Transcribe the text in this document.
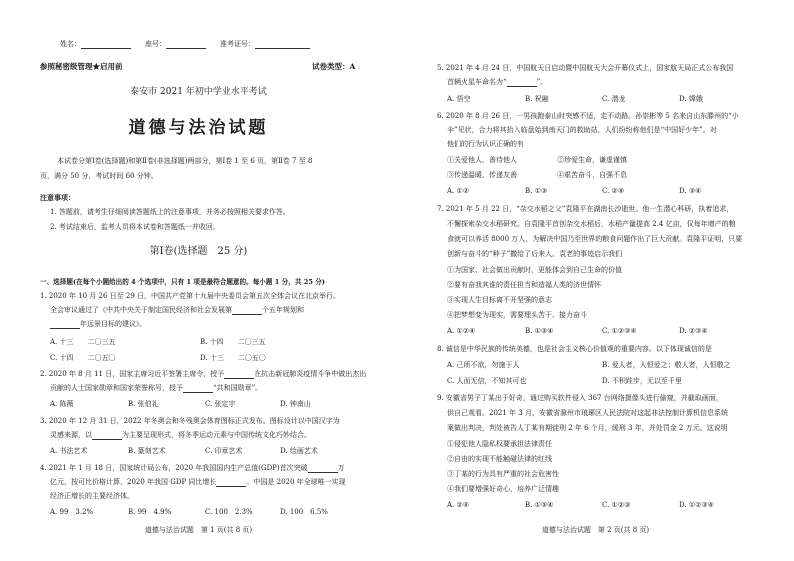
姓名：　　	座号：　　	准考证号：
参照秘密级管理★启用前	试卷类型：A
泰安市 2021 年初中学业水平考试
道德与法治试题
本试卷分第Ⅰ卷(选择题)和第Ⅱ卷(非选择题)两部分，第Ⅰ卷 1 至 6 页，第Ⅱ卷 7 至 8
页，满分 50 分，考试时间 60 分钟。
注意事项：
1. 答题前，请考生仔细阅读答题纸上的注意事项，并务必按照相关要求作答。
2. 考试结束后，监考人员将本试卷和答题纸一并收回。
第Ⅰ卷(选择题　25 分)
一、选择题(在每个小题给出的 4 个选项中，只有 1 项是最符合题意的。每小题 1 分，共 25 分)
1. 2020 年 10 月 26 日至 29 日，中国共产党第十九届中央委员会第五次全体会议在北京举行。
全会审议通过了《中共中央关于制定国民经济和社会发展第	个五年规划和
年远景目标的建议》。
A. 十三　　二〇三五	B. 十四　　二〇三五
C. 十四　　二〇五〇	D. 十三　　二〇五〇
2. 2020 年 8 月 11 日，国家主席习近平签署主席令，授予	在抗击新冠肺炎疫情斗争中做出杰出
贡献的人士国家勋章和国家荣誉称号，授予	“共和国勋章”。
A. 陈薇	B. 张伯礼	C. 张定宇	D. 钟南山
3. 2020 年 12 月 31 日，2022 年冬奥会和冬残奥会体育图标正式发布。图标设计以中国汉字为
灵感来源，以	为主要呈现形式，将冬季运动元素与中国传统文化巧妙结合。
A. 书法艺术	B. 篆刻艺术	C. 印章艺术	D. 绘画艺术
4. 2021 年 1 月 18 日，国家统计局公布，2020 年我国国内生产总值(GDP)首次突破	万
亿元，按可比价格计算，2020 年我国 GDP 同比增长	。中国是 2020 年全球唯一实现
经济正增长的主要经济体。
A. 99　3.2%	B. 99　4.9%	C. 100　2.3%	D. 100　6.5%
道德与法治试题　第 1 页(共 8 页)
5. 2021 年 4 月 24 日，中国航天日启动暨中国航天大会开幕仪式上，国家航天局正式公布我国
首辆火星车命名为“	”。
A. 悟空	B. 祝融	C. 潜龙	D. 嫦娥
6. 2020 年 8 月 26 日，一男孩跑泰山时突感不适，走不动路。孙崇彬等 5 名来自山东滕州的“小
伞”见状，合力将其抬入临盘始到南天门的救助站，人们纷纷称他们是“中国好少年”。对
他们的行为认识正确的有
①关爱他人，善待他人	②珍爱生命，谦虚谨慎
③传递温暖，传递友善	④艰苦奋斗，自强不息
A. ①②	B. ①③	C. ②④	D. ③④
7. 2021 年 5 月 22 日，“杂交水稻之父”袁隆平在湖南长沙逝世。他一生潜心科研，执着追求，
不懈探索杂交水稻研究。自袁隆平首创杂交水稻后，水稻产量提高 2.4 亿亩，仅每年增产的粮
食就可以养活 8000 万人，为解决中国乃至世界的粮食问题作出了巨大贡献。袁隆平证明，只要
创新与奋斗的“种子”撒给了后来人。袁老的事迹启示我们
①为国家、社会做出贡献时，更能体会到自己生命的价值
②要有奋我其谁的责任担当和造福人类的济世情怀
③实现人生目标离不开坚强的意志
④把梦想变为现实，需要埋头苦干、接力奋斗
A. ①②④	B. ①③④	C. ①②③④	D. ②③④
8. 诚信是中华民族的传统美德，也是社会主义核心价值观的重要内容。以下体现诚信的是
A. 己所不欲，勿施于人	B. 爱人者，人恒爱之；敬人者，人恒敬之
C. 人而无信，不知其可也	D. 不积跬步，无以至千里
9. 安徽省男子丁某出于好奇，通过购买软件侵入 367 台网络摄像头进行偷窥，并截取画面，
供自己观看。2021 年 3 月，安徽省滁州市琅琊区人民法院对这起非法控制计算机信息系统
案做出判决，判处被告人丁某有期徒刑 2 年 6 个月，缓刑 3 年，并处罚金 2 万元。这说明
①侵犯他人隐私权要承担法律责任
②自由的实现不能触碰法律的红线
③丁某的行为具有严重的社会危害性
④我们要增强好奇心，培养广泛情趣
A. ②④	B. ①③④	C. ①②③	D. ①②③④
道德与法治试题　第 2 页(共 8 页)
